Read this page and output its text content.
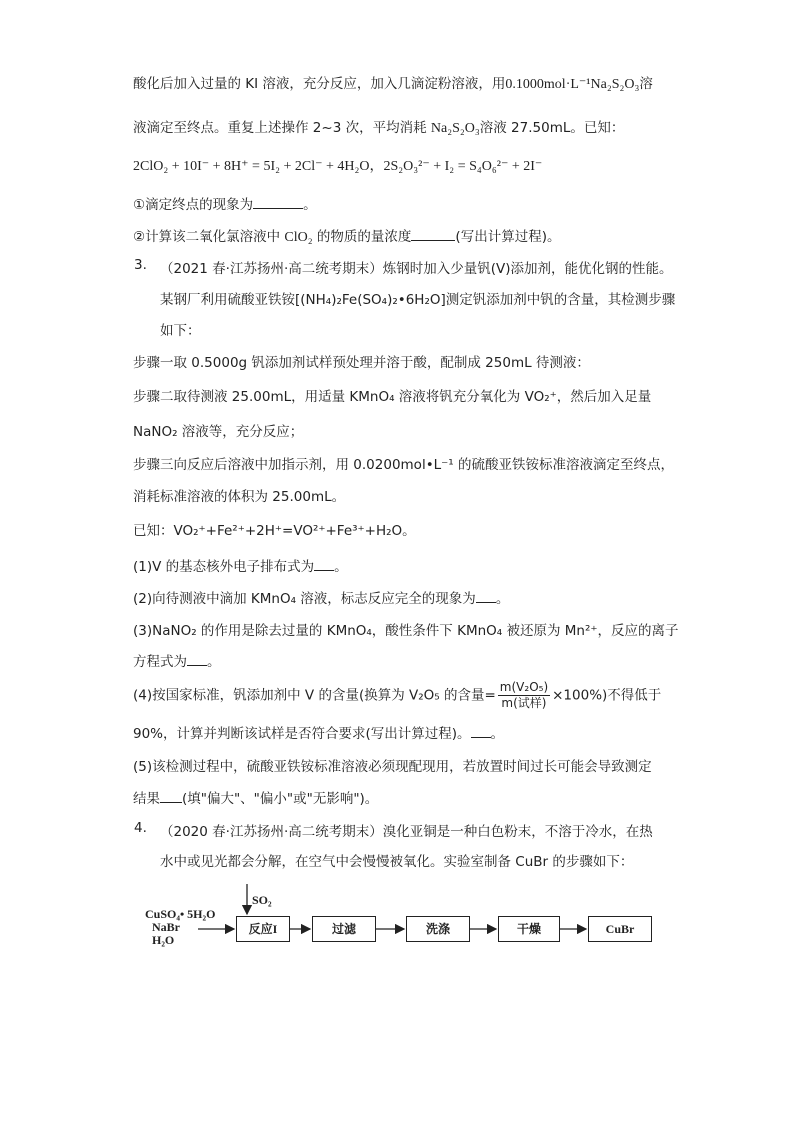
酸化后加入过量的 KI 溶液，充分反应，加入几滴淀粉溶液，用0.1000mol·L⁻¹Na₂S₂O₃溶
液滴定至终点。重复上述操作 2~3 次，平均消耗 Na₂S₂O₃溶液 27.50mL。已知：
2ClO₂ + 10I⁻ + 8H⁺ = 5I₂ + 2Cl⁻ + 4H₂O，2S₂O₃²⁻ + I₂ = S₄O₆²⁻ + 2I⁻
①滴定终点的现象为	。
②计算该二氧化氯溶液中 ClO₂ 的物质的量浓度	(写出计算过程)。
3. （2021 春·江苏扬州·高二统考期末）炼钢时加入少量钒(V)添加剂，能优化钢的性能。
某钢厂利用硫酸亚铁铵[(NH₄)₂Fe(SO₄)₂•6H₂O]测定钒添加剂中钒的含量，其检测步骤
如下：
步骤一取 0.5000g 钒添加剂试样预处理并溶于酸，配制成 250mL 待测液：
步骤二取待测液 25.00mL，用适量 KMnO₄ 溶液将钒充分氧化为 VO₂⁺，然后加入足量
NaNO₂ 溶液等，充分反应；
步骤三向反应后溶液中加指示剂，用 0.0200mol•L⁻¹ 的硫酸亚铁铵标准溶液滴定至终点，
消耗标准溶液的体积为 25.00mL。
已知：VO₂⁺+Fe²⁺+2H⁺=VO²⁺+Fe³⁺+H₂O。
(1)V 的基态核外电子排布式为 。
(2)向待测液中滴加 KMnO₄ 溶液，标志反应完全的现象为 。
(3)NaNO₂ 的作用是除去过量的 KMnO₄，酸性条件下 KMnO₄ 被还原为 Mn²⁺，反应的离子
方程式为 。
(4)按国家标准，钒添加剂中 V 的含量(换算为 V₂O₅ 的含量= $\frac{\text{m(V₂O₅)}}{\text{m(试样)}} \times 100\%$)不得低于
90%，计算并判断该试样是否符合要求(写出计算过程)。 。
(5)该检测过程中，硫酸亚铁铵标准溶液必须现配现用，若放置时间过长可能会导致测定
结果 (填"偏大"、"偏小"或"无影响")。
4. （2020 春·江苏扬州·高二统考期末）溴化亚铜是一种白色粉末，不溶于冷水，在热
水中或见光都会分解，在空气中会慢慢被氧化。实验室制备 CuBr 的步骤如下：
CuSO₄• 5H₂O
NaBr
H₂O
SO₂
反应I	过滤	洗涤	干燥	CuBr
